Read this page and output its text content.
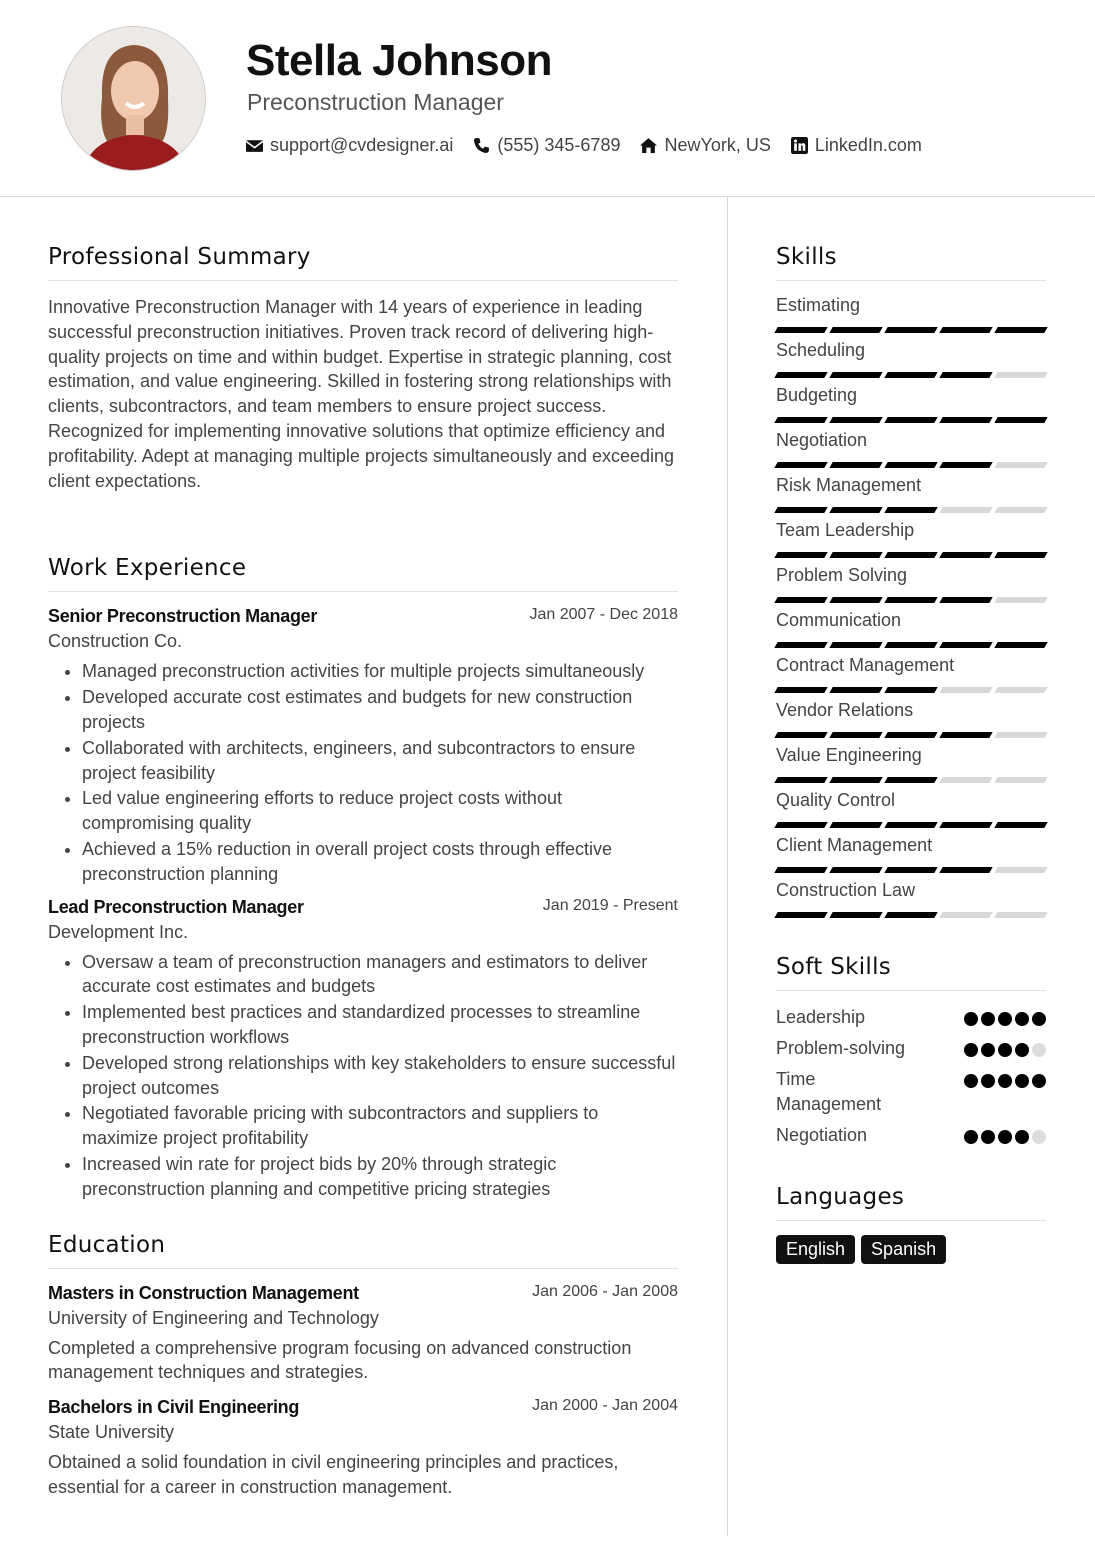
Stella Johnson
Preconstruction Manager
support@cvdesigner.ai (555) 345-6789 NewYork, US LinkedIn.com
Professional Summary

Innovative Preconstruction Manager with 14 years of experience in leading successful preconstruction initiatives. Proven track record of delivering high-quality projects on time and within budget. Expertise in strategic planning, cost estimation, and value engineering. Skilled in fostering strong relationships with clients, subcontractors, and team members to ensure project success. Recognized for implementing innovative solutions that optimize efficiency and profitability. Adept at managing multiple projects simultaneously and exceeding client expectations.

Work Experience
Senior Preconstruction Manager	Jan 2007 - Dec 2018
Construction Co.
• Managed preconstruction activities for multiple projects simultaneously
• Developed accurate cost estimates and budgets for new construction projects
• Collaborated with architects, engineers, and subcontractors to ensure project feasibility
• Led value engineering efforts to reduce project costs without compromising quality
• Achieved a 15% reduction in overall project costs through effective preconstruction planning
Lead Preconstruction Manager	Jan 2019 - Present
Development Inc.
• Oversaw a team of preconstruction managers and estimators to deliver accurate cost estimates and budgets
• Implemented best practices and standardized processes to streamline preconstruction workflows
• Developed strong relationships with key stakeholders to ensure successful project outcomes
• Negotiated favorable pricing with subcontractors and suppliers to maximize project profitability
• Increased win rate for project bids by 20% through strategic preconstruction planning and competitive pricing strategies
Education
Masters in Construction Management	Jan 2006 - Jan 2008
University of Engineering and Technology

Completed a comprehensive program focusing on advanced construction management techniques and strategies.

Bachelors in Civil Engineering	Jan 2000 - Jan 2004
State University

Obtained a solid foundation in civil engineering principles and practices, essential for a career in construction management.

Skills
Estimating
Scheduling
Budgeting
Negotiation
Risk Management
Team Leadership
Problem Solving
Communication
Contract Management
Vendor Relations
Value Engineering
Quality Control
Client Management
Construction Law
Soft Skills
Leadership
Problem-solving
Time Management
Negotiation
Languages
English	Spanish
